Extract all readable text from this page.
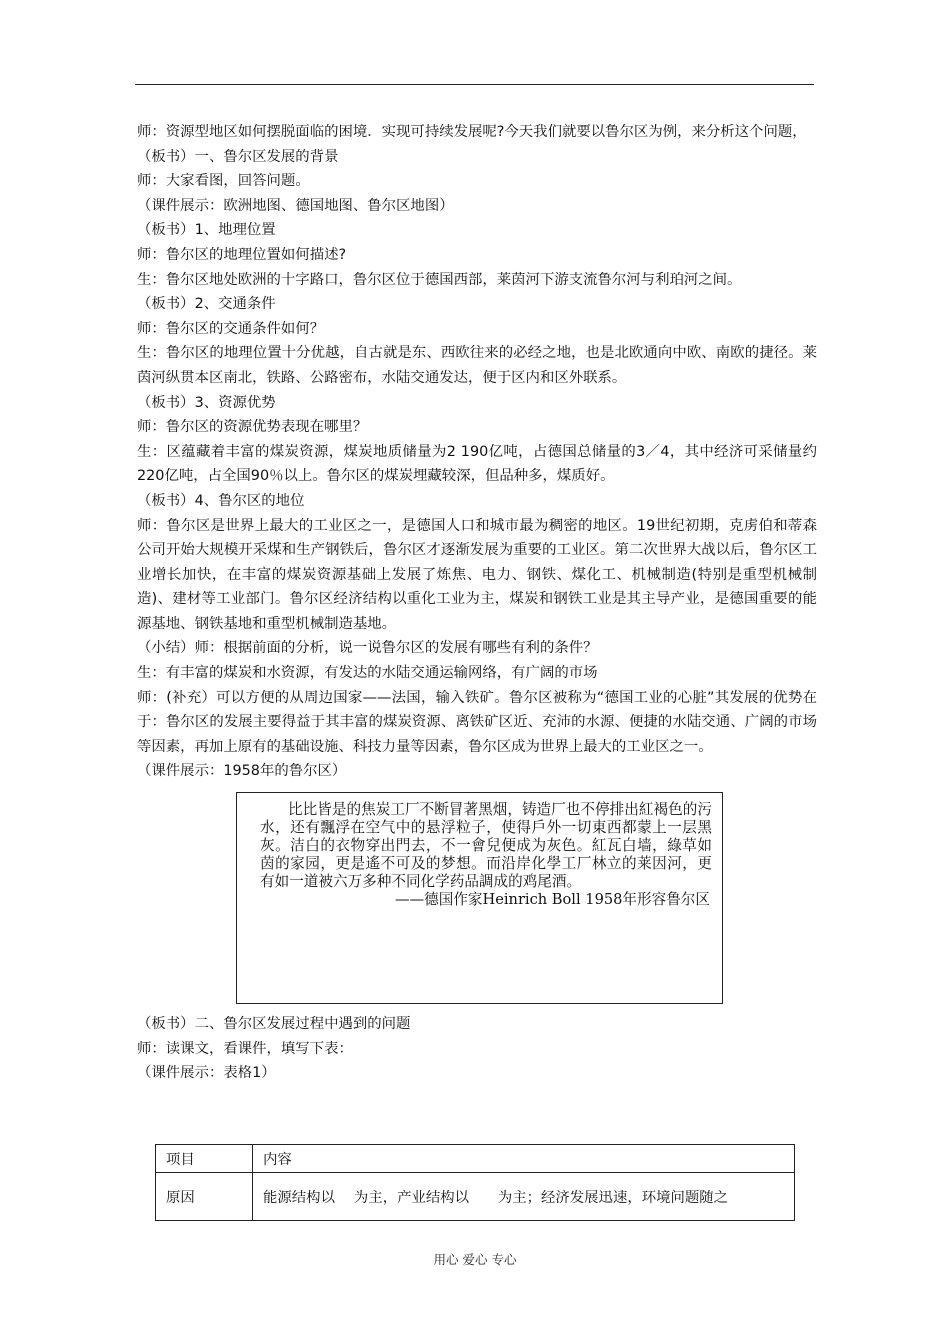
师：资源型地区如何摆脱面临的困境．实现可持续发展呢?今天我们就要以鲁尔区为例，来分析这个问题，

（板书）一、鲁尔区发展的背景

师：大家看图，回答问题。

（课件展示：欧洲地图、德国地图、鲁尔区地图）

（板书）1、地理位置

师：鲁尔区的地理位置如何描述?

生：鲁尔区地处欧洲的十字路口，鲁尔区位于德国西部，莱茵河下游支流鲁尔河与利珀河之间。

（板书）2、交通条件

师：鲁尔区的交通条件如何？

生：鲁尔区的地理位置十分优越，自古就是东、西欧往来的必经之地，也是北欧通向中欧、南欧的捷径。莱茵河纵贯本区南北，铁路、公路密布，水陆交通发达，便于区内和区外联系。

（板书）3、资源优势

师：鲁尔区的资源优势表现在哪里？

生：区蕴藏着丰富的煤炭资源，煤炭地质储量为2 190亿吨，占德国总储量的3／4，其中经济可采储量约220亿吨，占全国90％以上。鲁尔区的煤炭埋藏较深，但品种多，煤质好。

（板书）4、鲁尔区的地位

师：鲁尔区是世界上最大的工业区之一，是德国人口和城市最为稠密的地区。19世纪初期，克虏伯和蒂森公司开始大规模开采煤和生产钢铁后，鲁尔区才逐渐发展为重要的工业区。第二次世界大战以后，鲁尔区工业增长加快，在丰富的煤炭资源基础上发展了炼焦、电力、钢铁、煤化工、机械制造(特别是重型机械制造)、建材等工业部门。鲁尔区经济结构以重化工业为主，煤炭和钢铁工业是其主导产业，是德国重要的能源基地、钢铁基地和重型机械制造基地。

（小结）师：根据前面的分析，说一说鲁尔区的发展有哪些有利的条件？

生：有丰富的煤炭和水资源，有发达的水陆交通运输网络，有广阔的市场

师：(补充）可以方便的从周边国家——法国，输入铁矿。鲁尔区被称为“德国工业的心脏”其发展的优势在于：鲁尔区的发展主要得益于其丰富的煤炭资源、离铁矿区近、充沛的水源、便捷的水陆交通、广阔的市场等因素，再加上原有的基础设施、科技力量等因素，鲁尔区成为世界上最大的工业区之一。

（课件展示：1958年的鲁尔区）

比比皆是的焦炭工厂不断冒著黑烟，铸造厂也不停排出紅褐色的污水，还有飄浮在空气中的悬浮粒子，使得戶外一切東西都蒙上一层黑灰。洁白的衣物穿出門去，不一會兒便成为灰色。紅瓦白墙，綠草如茵的家园，更是遙不可及的梦想。而沿岸化學工厂林立的莱因河，更有如一道被六万多种不同化学药品調成的鸡尾酒。

——德国作家Heinrich Boll 1958年形容鲁尔区

（板书）二、鲁尔区发展过程中遇到的问题

师：读课文，看课件，填写下表：

（课件展示：表格1）

项目	内容
原因	能源结构以　 为主，产业结构以　　为主；经济发展迅速，环境问题随之
用心 爱心 专心
